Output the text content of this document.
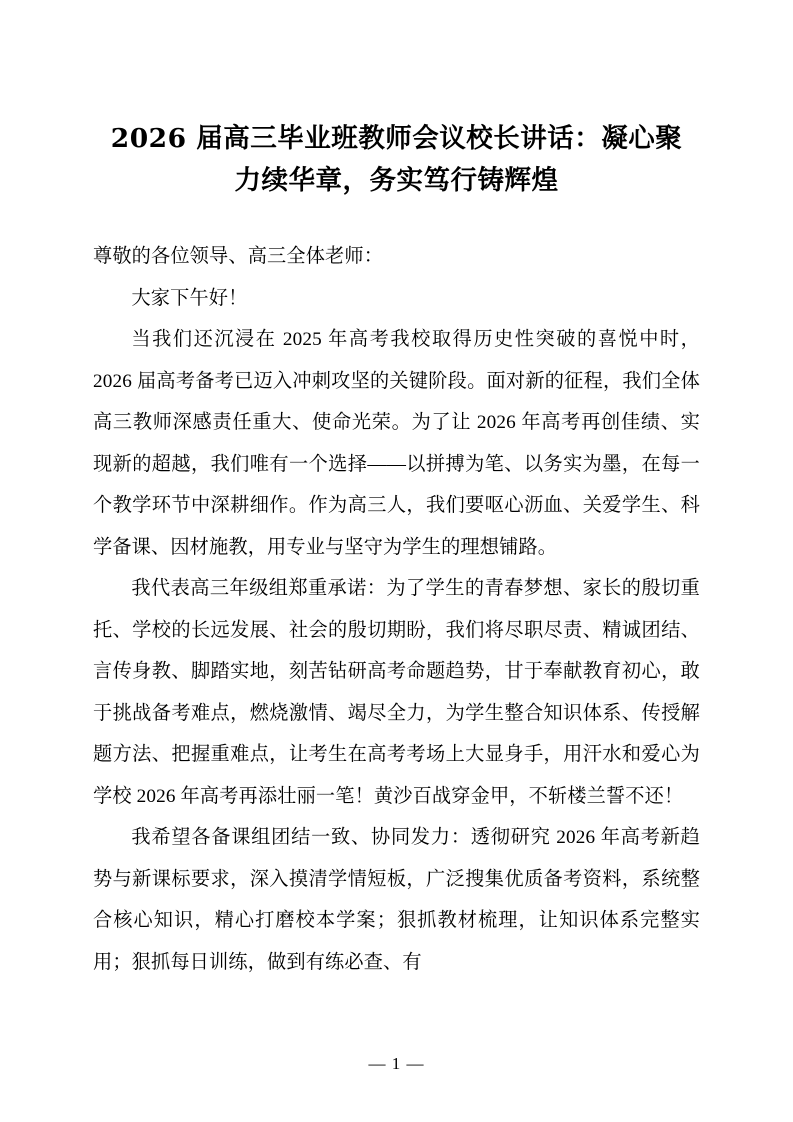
2026 届高三毕业班教师会议校长讲话：凝心聚力续华章，务实笃行铸辉煌

尊敬的各位领导、高三全体老师：

大家下午好！

当我们还沉浸在 2025 年高考我校取得历史性突破的喜悦中时，2026 届高考备考已迈入冲刺攻坚的关键阶段。面对新的征程，我们全体高三教师深感责任重大、使命光荣。为了让 2026 年高考再创佳绩、实现新的超越，我们唯有一个选择——以拼搏为笔、以务实为墨，在每一个教学环节中深耕细作。作为高三人，我们要呕心沥血、关爱学生、科学备课、因材施教，用专业与坚守为学生的理想铺路。

我代表高三年级组郑重承诺：为了学生的青春梦想、家长的殷切重托、学校的长远发展、社会的殷切期盼，我们将尽职尽责、精诚团结、言传身教、脚踏实地，刻苦钻研高考命题趋势，甘于奉献教育初心，敢于挑战备考难点，燃烧激情、竭尽全力，为学生整合知识体系、传授解题方法、把握重难点，让考生在高考考场上大显身手，用汗水和爱心为学校 2026 年高考再添壮丽一笔！黄沙百战穿金甲，不斩楼兰誓不还！

我希望各备课组团结一致、协同发力：透彻研究 2026 年高考新趋势与新课标要求，深入摸清学情短板，广泛搜集优质备考资料，系统整合核心知识，精心打磨校本学案；狠抓教材梳理，让知识体系完整实用；狠抓每日训练，做到有练必查、有

— 1 —
